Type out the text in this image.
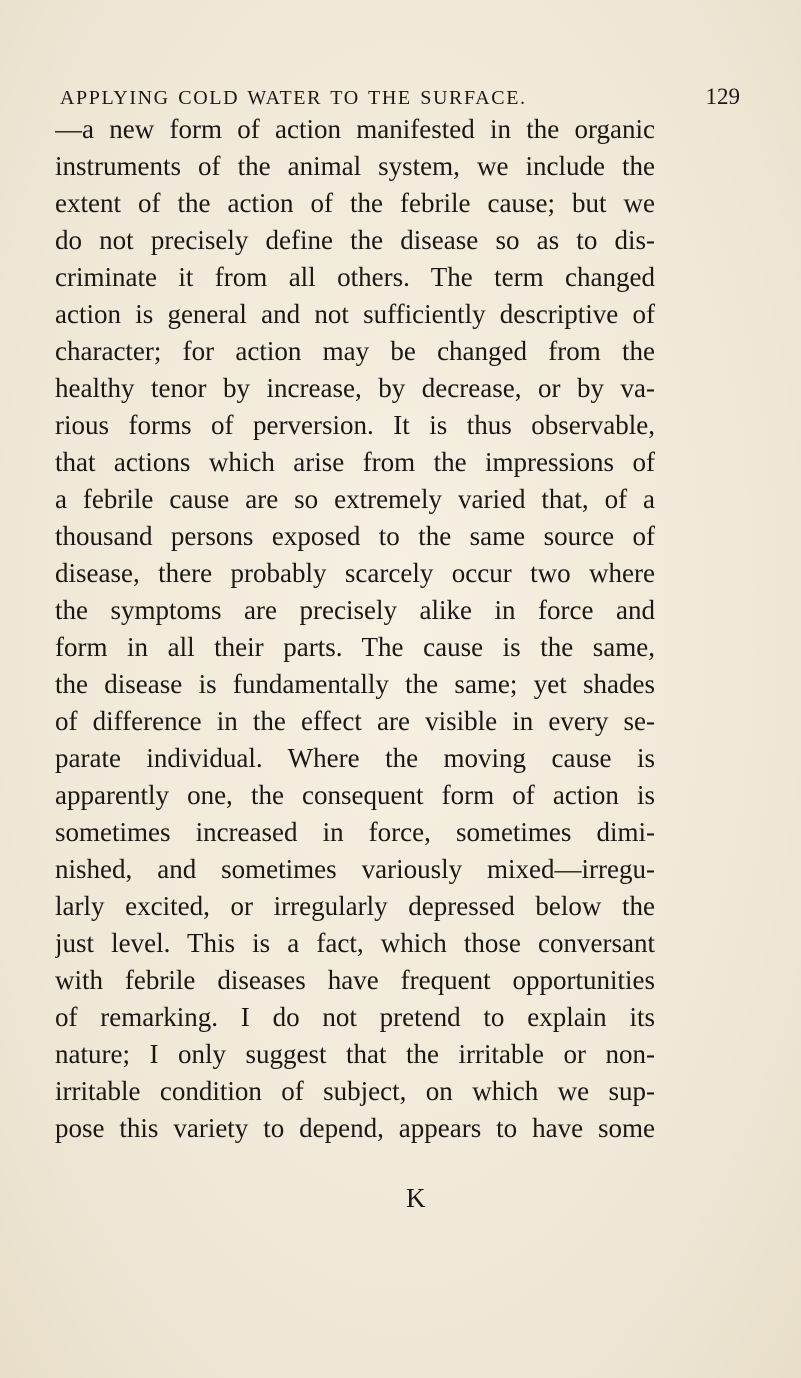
APPLYING COLD WATER TO THE SURFACE.	129
—a new form of action manifested in the organic
instruments of the animal system, we include the
extent of the action of the febrile cause; but we
do not precisely define the disease so as to dis-
criminate it from all others. The term changed
action is general and not sufficiently descriptive of
character; for action may be changed from the
healthy tenor by increase, by decrease, or by va-
rious forms of perversion. It is thus observable,
that actions which arise from the impressions of
a febrile cause are so extremely varied that, of a
thousand persons exposed to the same source of
disease, there probably scarcely occur two where
the symptoms are precisely alike in force and
form in all their parts. The cause is the same,
the disease is fundamentally the same; yet shades
of difference in the effect are visible in every se-
parate individual. Where the moving cause is
apparently one, the consequent form of action is
sometimes increased in force, sometimes dimi-
nished, and sometimes variously mixed—irregu-
larly excited, or irregularly depressed below the
just level. This is a fact, which those conversant
with febrile diseases have frequent opportunities
of remarking. I do not pretend to explain its
nature; I only suggest that the irritable or non-
irritable condition of subject, on which we sup-
pose this variety to depend, appears to have some
K
